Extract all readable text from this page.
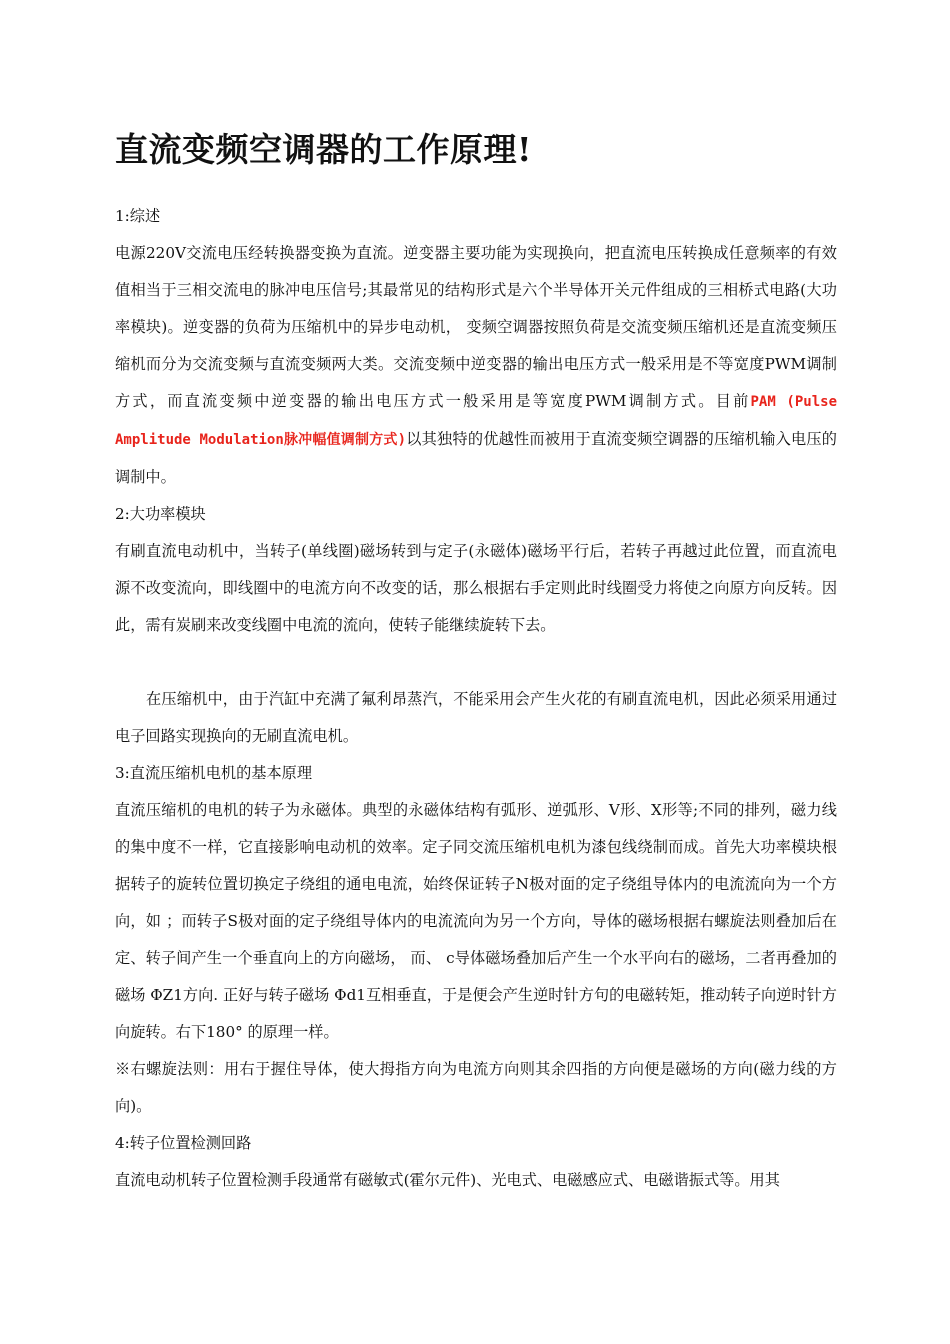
直流变频空调器的工作原理!

1:综述

电源220V交流电压经转换器变换为直流。逆变器主要功能为实现换向，把直流电压转换成任意频率的有效值相当于三相交流电的脉冲电压信号;其最常见的结构形式是六个半导体开关元件组成的三相桥式电路(大功率模块)。逆变器的负荷为压缩机中的异步电动机， 变频空调器按照负荷是交流变频压缩机还是直流变频压缩机而分为交流变频与直流变频两大类。交流变频中逆变器的输出电压方式一般采用是不等宽度PWM调制方式，而直流变频中逆变器的输出电压方式一般采用是等宽度PWM调制方式。目前PAM (Pulse Amplitude Modulation脉冲幅值调制方式)以其独特的优越性而被用于直流变频空调器的压缩机输入电压的调制中。

2:大功率模块

有刷直流电动机中，当转子(单线圈)磁场转到与定子(永磁体)磁场平行后，若转子再越过此位置，而直流电源不改变流向，即线圈中的电流方向不改变的话，那么根据右手定则此时线圈受力将使之向原方向反转。因此，需有炭刷来改变线圈中电流的流向，使转子能继续旋转下去。

在压缩机中，由于汽缸中充满了氟利昂蒸汽，不能采用会产生火花的有刷直流电机，因此必须采用通过电子回路实现换向的无刷直流电机。

3:直流压缩机电机的基本原理

直流压缩机的电机的转子为永磁体。典型的永磁体结构有弧形、逆弧形、V形、X形等;不同的排列，磁力线的集中度不一样，它直接影响电动机的效率。定子同交流压缩机电机为漆包线绕制而成。首先大功率模块根据转子的旋转位置切换定子绕组的通电电流，始终保证转子N极对面的定子绕组导体内的电流流向为一个方向，如 ；而转子S极对面的定子绕组导体内的电流流向为另一个方向，导体的磁场根据右螺旋法则叠加后在定、转子间产生一个垂直向上的方向磁场， 而、 c导体磁场叠加后产生一个水平向右的磁场，二者再叠加的磁场 ΦZ1方向. 正好与转子磁场 Φd1互相垂直，于是便会产生逆时针方句的电磁转矩，推动转子向逆时针方向旋转。右下180° 的原理一样。

※右螺旋法则：用右于握住导体，使大拇指方向为电流方向则其余四指的方向便是磁场的方向(磁力线的方向)。

4:转子位置检测回路

直流电动机转子位置检测手段通常有磁敏式(霍尔元件)、光电式、电磁感应式、电磁谐振式等。用其
